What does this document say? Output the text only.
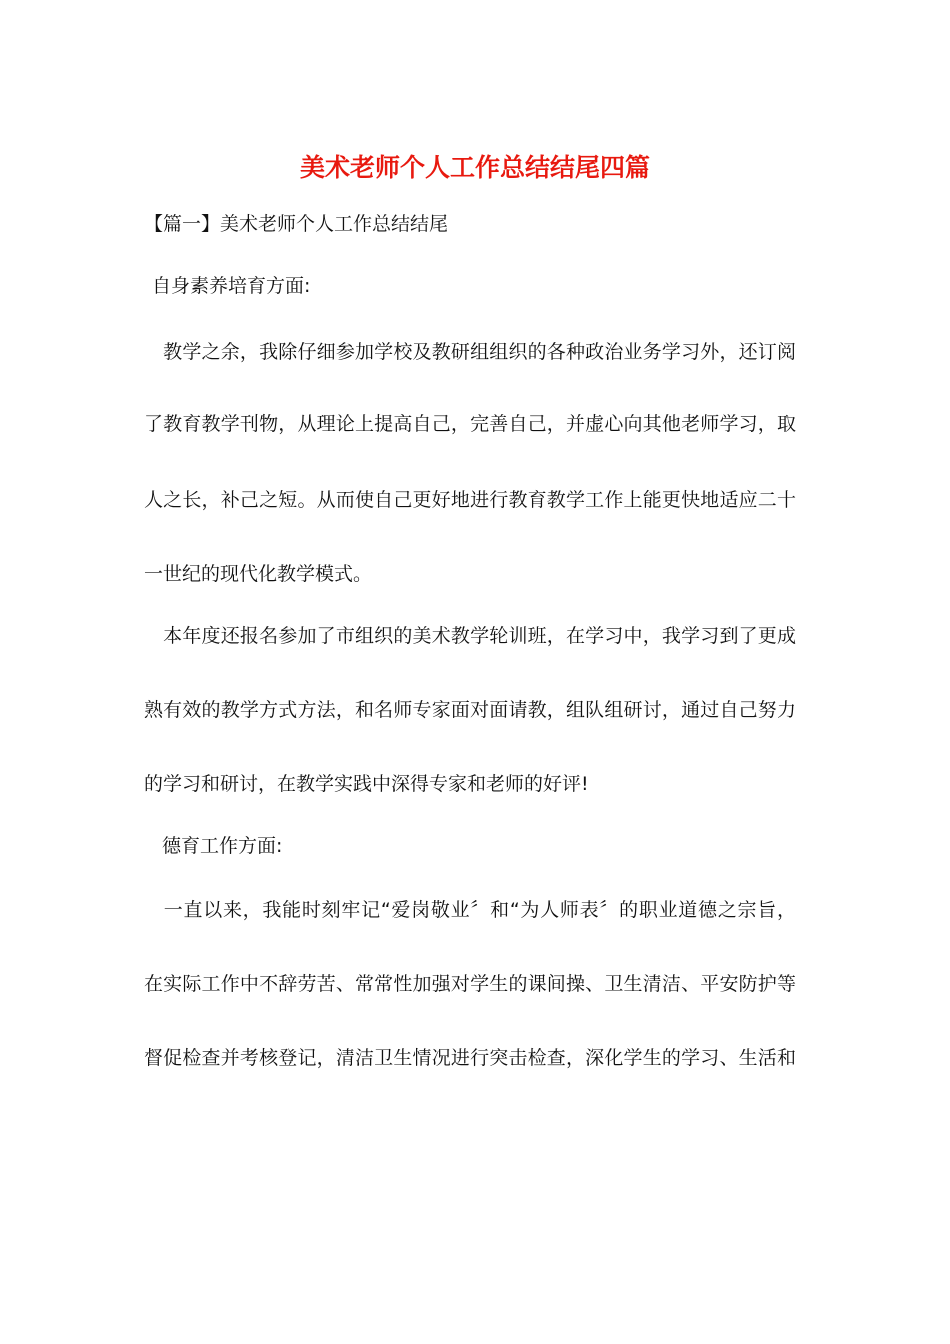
美术老师个人工作总结结尾四篇
【篇一】美术老师个人工作总结结尾
自身素养培育方面:
　教学之余，我除仔细参加学校及教研组组织的各种政治业务学习外，还订阅
了教育教学刊物，从理论上提高自己，完善自己，并虚心向其他老师学习，取
人之长，补己之短。从而使自己更好地进行教育教学工作上能更快地适应二十
一世纪的现代化教学模式。
　本年度还报名参加了市组织的美术教学轮训班，在学习中，我学习到了更成
熟有效的教学方式方法，和名师专家面对面请教，组队组研讨，通过自己努力
的学习和研讨，在教学实践中深得专家和老师的好评!
德育工作方面:
　一直以来，我能时刻牢记“爱岗敬业〞和“为人师表〞的职业道德之宗旨，
在实际工作中不辞劳苦、常常性加强对学生的课间操、卫生清洁、平安防护等
督促检查并考核登记，清洁卫生情况进行突击检查，深化学生的学习、生活和
